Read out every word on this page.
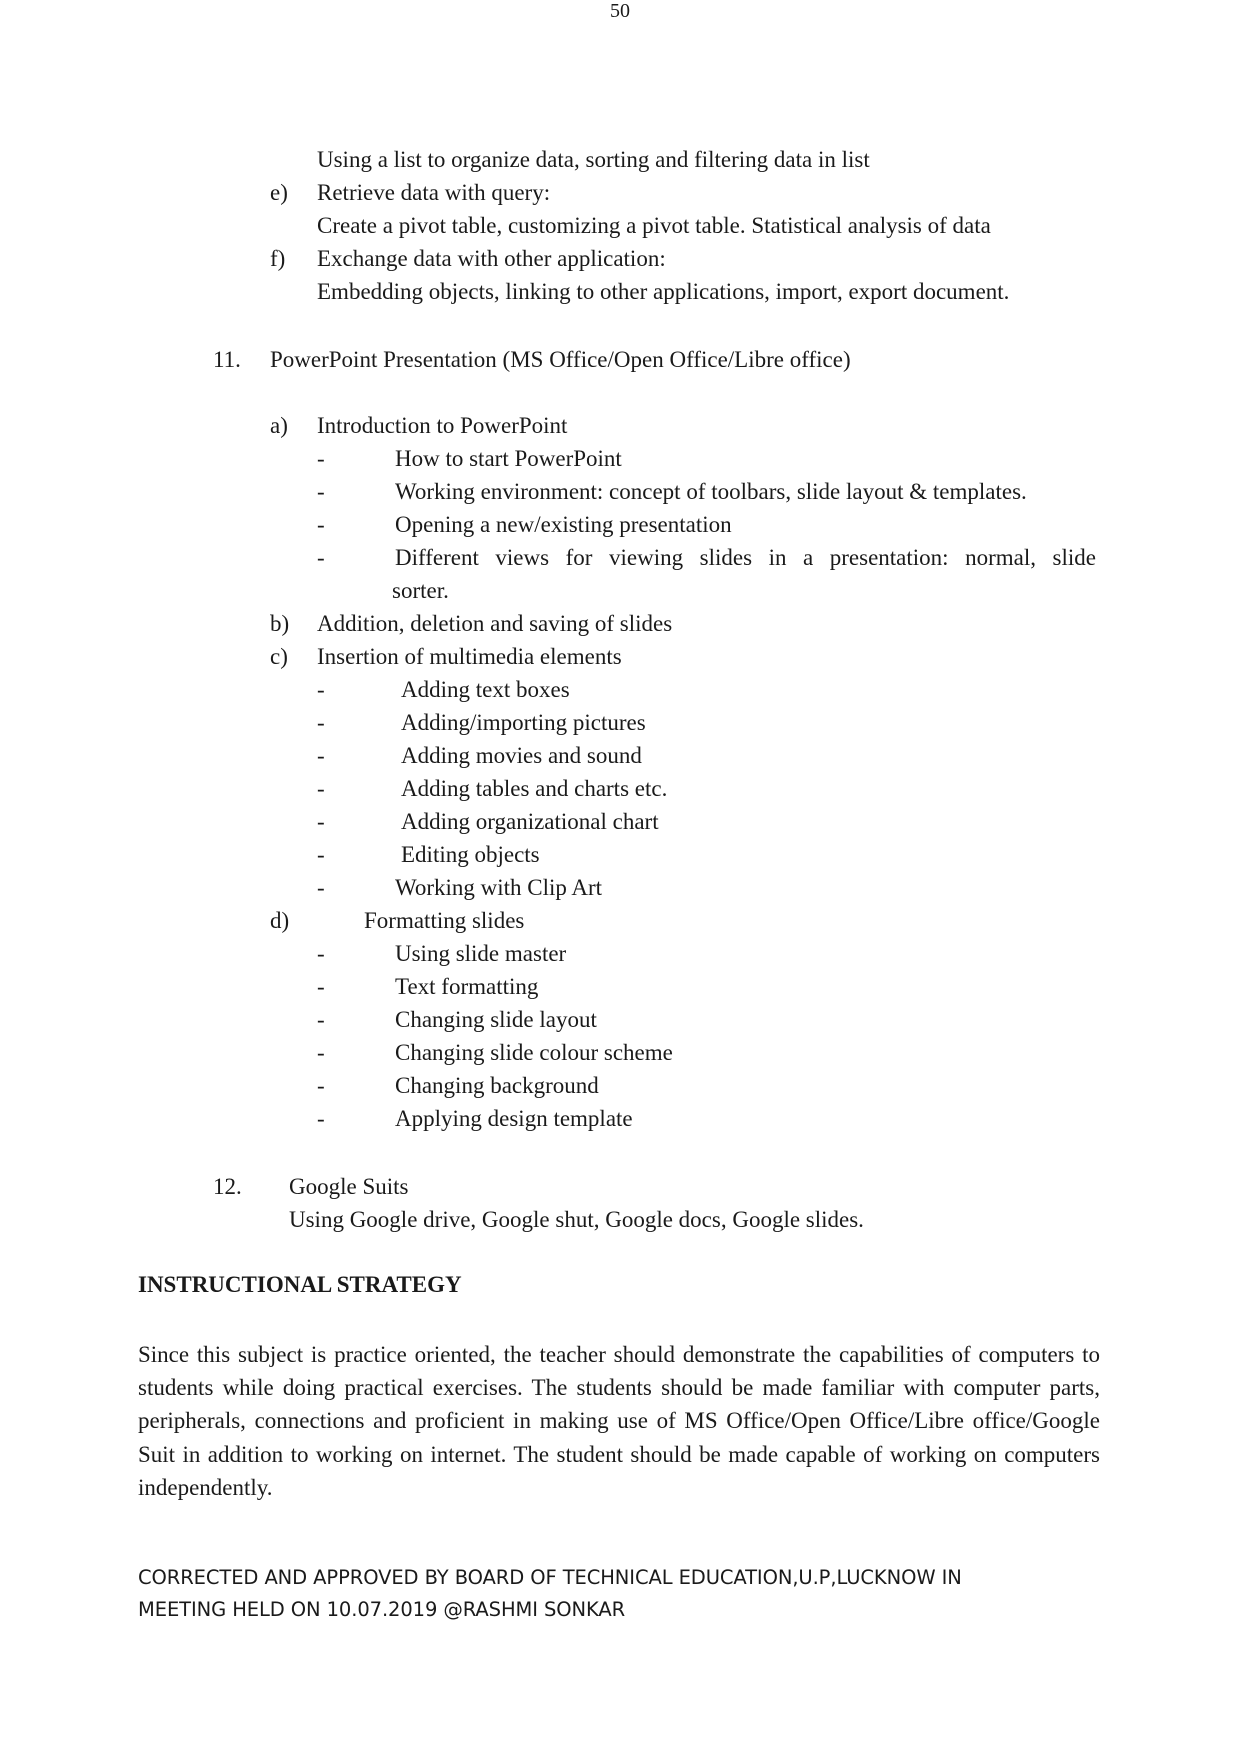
50
Using a list to organize data, sorting and filtering data in list
e) Retrieve data with query:
Create a pivot table, customizing a pivot table. Statistical analysis of data
f) Exchange data with other application:
Embedding objects, linking to other applications, import, export document.
11. PowerPoint Presentation (MS Office/Open Office/Libre office)
a) Introduction to PowerPoint
-	How to start PowerPoint
-	Working environment: concept of toolbars, slide layout & templates.
-	Opening a new/existing presentation
-	Different views for viewing slides in a presentation: normal, slide
sorter.
b) Addition, deletion and saving of slides
c) Insertion of multimedia elements
-	Adding text boxes
-	Adding/importing pictures
-	Adding movies and sound
-	Adding tables and charts etc.
-	Adding organizational chart
-	Editing objects
-	Working with Clip Art
d)	Formatting slides
-	Using slide master
-	Text formatting
-	Changing slide layout
-	Changing slide colour scheme
-	Changing background
-	Applying design template
12. Google Suits
Using Google drive, Google shut, Google docs, Google slides.
INSTRUCTIONAL STRATEGY
Since this subject is practice oriented, the teacher should demonstrate the capabilities of computers to students while doing practical exercises. The students should be made familiar with computer parts, peripherals, connections and proficient in making use of MS Office/Open Office/Libre office/Google Suit in addition to working on internet. The student should be made capable of working on computers independently.
CORRECTED AND APPROVED BY BOARD OF TECHNICAL EDUCATION,U.P,LUCKNOW IN
MEETING HELD ON 10.07.2019 @RASHMI SONKAR
